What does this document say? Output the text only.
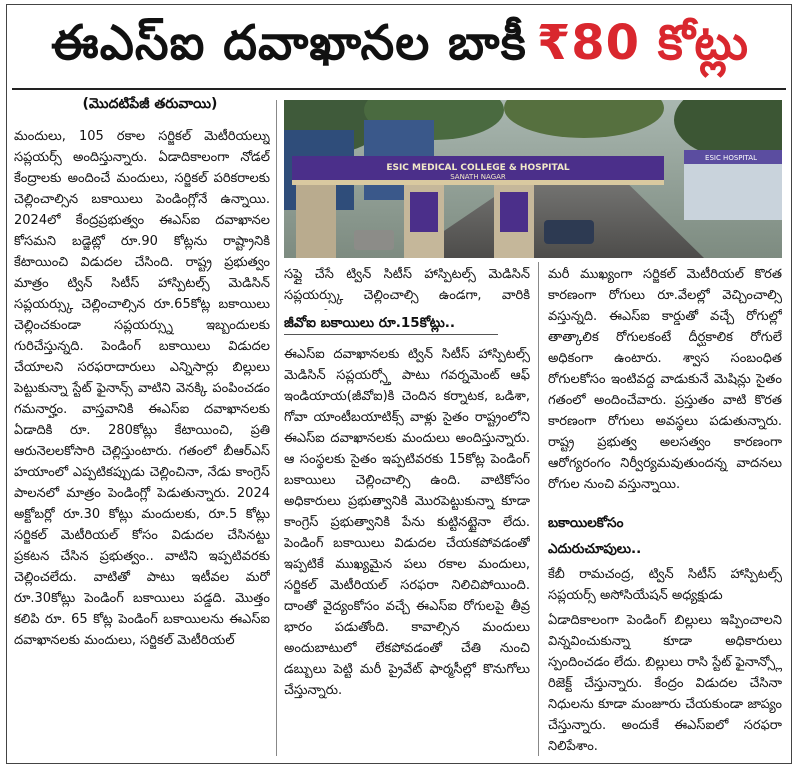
ఈఎస్ఐ దవాఖానల బాకీ ₹80 కోట్లు
(మొదటిపేజీ తరువాయి)
ESIC MEDICAL COLLEGE & HOSPITAL
SANATH NAGAR
ESIC HOSPITAL

మందులు, 105 రకాల సర్జికల్ మెటీరియల్ను సప్లయర్స్ అందిస్తున్నారు. ఏడాదికాలంగా నోడల్ కేంద్రాలకు అందించే మందులు, సర్జికల్ పరికరాలకు చెల్లించాల్సిన బకాయిలు పెండింగ్లోనే ఉన్నాయి. 2024లో కేంద్రప్రభుత్వం ఈఎస్ఐ దవాఖానల కోసమని బడ్జెట్లో రూ.90 కోట్లను రాష్ట్రానికి కేటాయించి విడుదల చేసింది. రాష్ట్ర ప్రభుత్వం మాత్రం ట్విన్ సిటీస్ హాస్పిటల్స్ మెడిసిన్ సప్లయర్స్కు చెల్లించాల్సిన రూ.65కోట్ల బకాయిలు చెల్లించకుండా సప్లయర్స్ను ఇబ్బందులకు గురిచేస్తున్నది. పెండింగ్ బకాయిలు విడుదల చేయాలని సరఫరాదారులు ఎన్నిసార్లు బిల్లులు పెట్టుకున్నా స్టేట్ ఫైనాన్స్ వాటిని వెనక్కి పంపించడం గమనార్హం. వాస్తవానికి ఈఎస్ఐ దవాఖానలకు ఏడాదికి రూ. 280కోట్లు కేటాయించి, ప్రతి ఆరునెలలకోసారి చెల్లిస్తుంటారు. గతంలో బీఆర్ఎస్ హయాంలో ఎప్పటికప్పుడు చెల్లించినా, నేడు కాంగ్రెస్ పాలనలో మాత్రం పెండింగ్లో పెడుతున్నారు. 2024 అక్టోబర్లో రూ.30 కోట్లు మందులకు, రూ.5 కోట్లు సర్జికల్ మెటీరియల్ కోసం విడుదల చేసినట్టు ప్రకటన చేసిన ప్రభుత్వం.. వాటిని ఇప్పటివరకు చెల్లించలేదు. వాటితో పాటు ఇటీవల మరో రూ.30కోట్లు పెండింగ్ బకాయిలు పడ్డది. మొత్తం కలిపి రూ. 65 కోట్ల పెండింగ్ బకాయిలను ఈఎస్ఐ దవాఖానలకు మందులు, సర్జికల్ మెటీరియల్

సప్లై చేసే ట్విన్ సిటీస్ హాస్పిటల్స్ మెడిసిన్ సప్లయర్స్కు చెల్లించాల్సి ఉండగా, వారికి

జీవోఐ బకాయిలు రూ.15కోట్లు..

ఈఎస్ఐ దవాఖానలకు ట్విన్ సిటీస్ హాస్పిటల్స్ మెడిసిన్ సప్లయర్స్తో పాటు గవర్నమెంట్ ఆఫ్ ఇండియాయ(జీవోఐ)కి చెందిన కర్నాటక, ఒడిశా, గోవా యాంటీబయాటిక్స్ వాళ్లు సైతం రాష్ట్రంలోని ఈఎస్ఐ దవాఖానలకు మందులు అందిస్తున్నారు. ఆ సంస్థలకు సైతం ఇప్పటివరకు 15కోట్ల పెండింగ్ బకాయిలు చెల్లించాల్సి ఉంది. వాటికోసం అధికారులు ప్రభుత్వానికి మొరపెట్టుకున్నా కూడా కాంగ్రెస్ ప్రభుత్వానికి పేను కుట్టినట్టైనా లేదు. పెండింగ్ బకాయిలు విడుదల చేయకపోవడంతో ఇప్పటికే ముఖ్యమైన పలు రకాల మందులు, సర్జికల్ మెటీరియల్ సరఫరా నిలిచిపోయింది. దాంతో వైద్యంకోసం వచ్చే ఈఎస్ఐ రోగులపై తీవ్ర భారం పడుతోంది. కావాల్సిన మందులు అందుబాటులో లేకపోవడంతో చేతి నుంచి డబ్బులు పెట్టి మరీ ప్రైవేట్ ఫార్మసీల్లో కొనుగోలు చేస్తున్నారు.

మరీ ముఖ్యంగా సర్జికల్ మెటీరియల్ కొరత కారణంగా రోగులు రూ.వేలల్లో వెచ్చించాల్సి వస్తున్నది. ఈఎస్ఐ కార్డుతో వచ్చే రోగుల్లో తాత్కాలిక రోగులకంటే దీర్ఘకాలిక రోగులే అధికంగా ఉంటారు. శ్వాస సంబంధిత రోగులకోసం ఇంటివద్ద వాడుకునే మెషిన్లు సైతం గతంలో అందించేవారు. ప్రస్తుతం వాటి కొరత కారణంగా రోగులు అవస్థలు పడుతున్నారు. రాష్ట్ర ప్రభుత్వ అలసత్వం కారణంగా ఆరోగ్యరంగం నిర్వీర్యమవుతుందన్న వాదనలు రోగుల నుంచి వస్తున్నాయి.

బకాయిలకోసం
ఎదురుచూపులు..

కేబీ రామచంద్ర, ట్విన్ సిటీస్ హాస్పిటల్స్ సప్లయర్స్ అసోసియేషన్ అధ్యక్షుడు

ఏడాదికాలంగా పెండింగ్ బిల్లులు ఇప్పించాలని విన్నవించుకున్నా కూడా అధికారులు స్పందించడం లేదు. బిల్లులు రాసి స్టేట్ ఫైనాన్స్లో రిజెక్ట్ చేస్తున్నారు. కేంద్రం విడుదల చేసినా నిధులను కూడా మంజూరు చేయకుండా జాప్యం చేస్తున్నారు. అందుకే ఈఎస్ఐలో సరఫరా నిలిపేశాం.
